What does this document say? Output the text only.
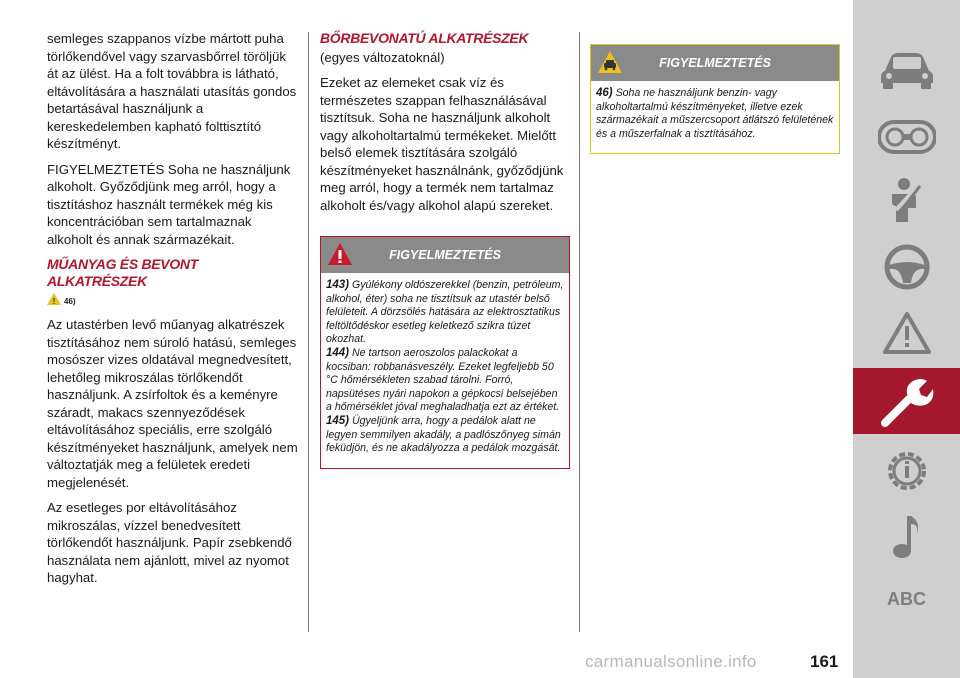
semleges szappanos vízbe mártott puha törlőkendővel vagy szarvasbőrrel töröljük át az ülést. Ha a folt továbbra is látható, eltávolítására a használati utasítás gondos betartásával használjunk a kereskedelemben kapható folttisztító készítményt.

FIGYELMEZTETÉS Soha ne használjunk alkoholt. Győződjünk meg arról, hogy a tisztításhoz használt termékek még kis koncentrációban sem tartalmaznak alkoholt és annak származékait.

MŰANYAG ÉS BEVONT ALKATRÉSZEK
! 46)

Az utastérben levő műanyag alkatrészek tisztításához nem súroló hatású, semleges mosószer vizes oldatával megnedvesített, lehetőleg mikroszálas törlőkendőt használjunk. A zsírfoltok és a keményre száradt, makacs szennyeződések eltávolításához speciális, erre szolgáló készítményeket használjunk, amelyek nem változtatják meg a felületek eredeti megjelenését.

Az esetleges por eltávolításához mikroszálas, vízzel benedvesített törlőkendőt használjunk. Papír zsebkendő használata nem ajánlott, mivel az nyomot hagyhat.

BŐRBEVONATÚ ALKATRÉSZEK
(egyes változatoknál)

Ezeket az elemeket csak víz és természetes szappan felhasználásával tisztítsuk. Soha ne használjunk alkoholt vagy alkoholtartalmú termékeket. Mielőtt belső elemek tisztítására szolgáló készítményeket használnánk, győződjünk meg arról, hogy a termék nem tartalmaz alkoholt és/vagy alkohol alapú szereket.

FIGYELMEZTETÉS
143) Gyúlékony oldószerekkel (benzin, petróleum, alkohol, éter) soha ne tisztítsuk az utastér belső felületeit. A dörzsölés hatására az elektrosztatikus feltöltődéskor esetleg keletkező szikra tüzet okozhat.
144) Ne tartson aeroszolos palackokat a kocsiban: robbanásveszély. Ezeket legfeljebb 50 °C hőmérsékleten szabad tárolni. Forró, napsütéses nyári napokon a gépkocsi belsejében a hőmérséklet jóval meghaladhatja ezt az értéket.
145) Ügyeljünk arra, hogy a pedálok alatt ne legyen semmilyen akadály, a padlószőnyeg simán feküdjön, és ne akadályozza a pedálok mozgását.
FIGYELMEZTETÉS
46) Soha ne használjunk benzin- vagy alkoholtartalmú készítményeket, illetve ezek származékait a műszercsoport átlátszó felületének és a műszerfalnak a tisztításához.
ABC
carmanualsonline.info	161
